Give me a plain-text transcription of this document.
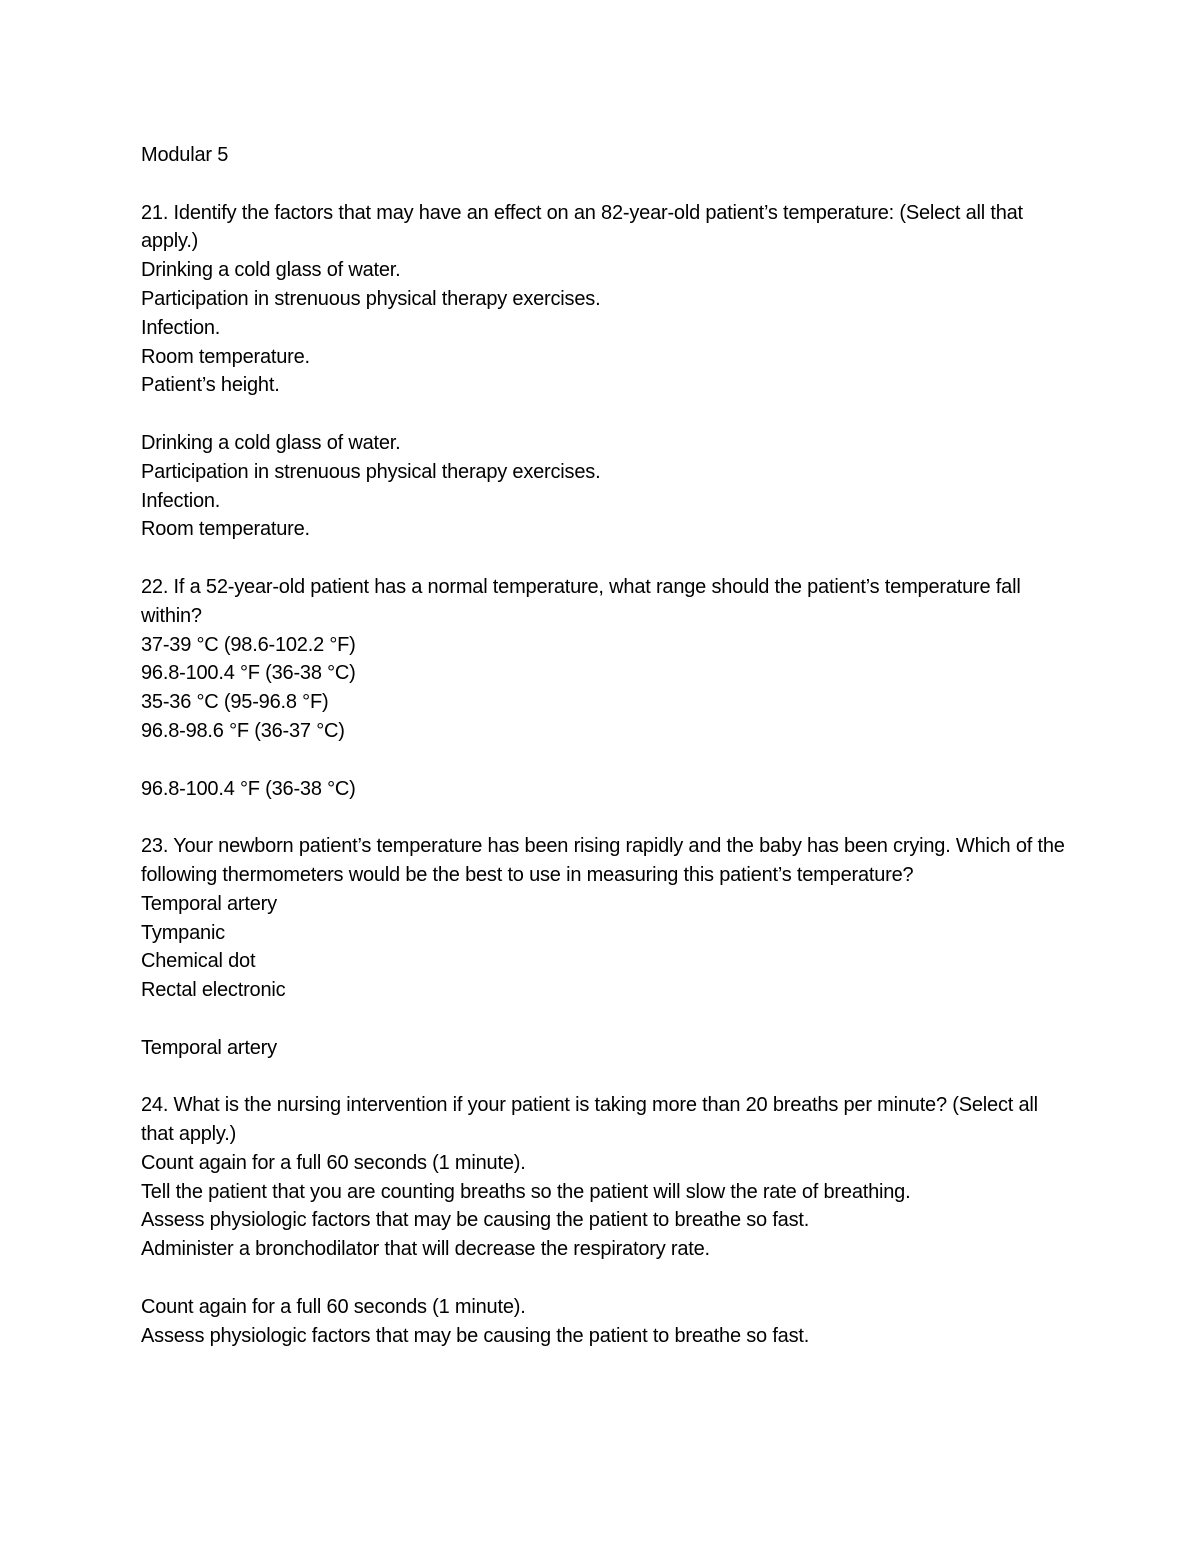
Modular 5
21. Identify the factors that may have an effect on an 82-year-old patient’s temperature: (Select all that apply.)
Drinking a cold glass of water.
Participation in strenuous physical therapy exercises.
Infection.
Room temperature.
Patient’s height.
Drinking a cold glass of water.
Participation in strenuous physical therapy exercises.
Infection.
Room temperature.
22. If a 52-year-old patient has a normal temperature, what range should the patient’s temperature fall within?
37-39 °C (98.6-102.2 °F)
96.8-100.4 °F (36-38 °C)
35-36 °C (95-96.8 °F)
96.8-98.6 °F (36-37 °C)
96.8-100.4 °F (36-38 °C)
23. Your newborn patient’s temperature has been rising rapidly and the baby has been crying. Which of the following thermometers would be the best to use in measuring this patient’s temperature?
Temporal artery
Tympanic
Chemical dot
Rectal electronic
Temporal artery
24. What is the nursing intervention if your patient is taking more than 20 breaths per minute? (Select all that apply.)
Count again for a full 60 seconds (1 minute).
Tell the patient that you are counting breaths so the patient will slow the rate of breathing.
Assess physiologic factors that may be causing the patient to breathe so fast.
Administer a bronchodilator that will decrease the respiratory rate.
Count again for a full 60 seconds (1 minute).
Assess physiologic factors that may be causing the patient to breathe so fast.
